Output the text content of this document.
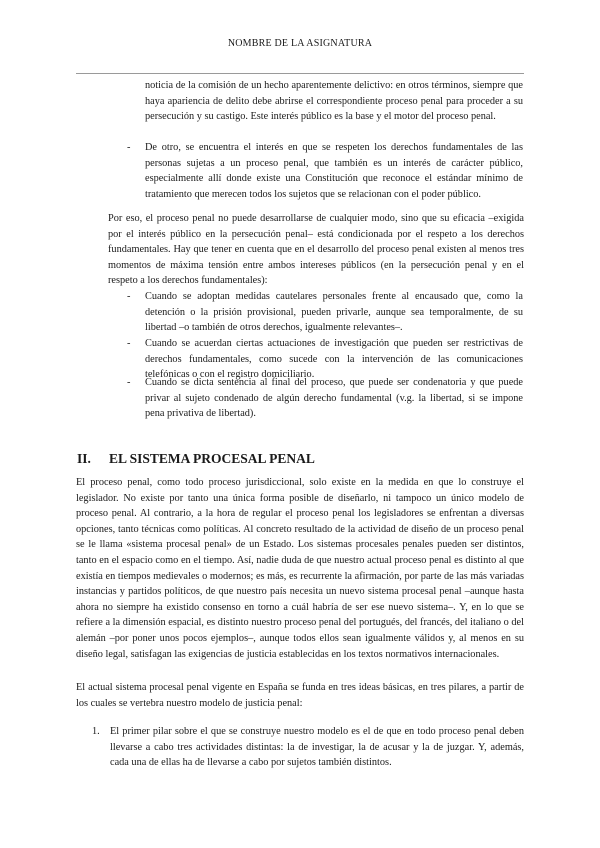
NOMBRE DE LA ASIGNATURA

noticia de la comisión de un hecho aparentemente delictivo: en otros términos, siempre que haya apariencia de delito debe abrirse el correspondiente proceso penal para proceder a su persecución y su castigo. Este interés público es la base y el motor del proceso penal.

-	De otro, se encuentra el interés en que se respeten los derechos fundamentales de las personas sujetas a un proceso penal, que también es un interés de carácter público, especialmente allí donde existe una Constitución que reconoce el estándar mínimo de tratamiento que merecen todos los sujetos que se relacionan con el poder público.

Por eso, el proceso penal no puede desarrollarse de cualquier modo, sino que su eficacia –exigida por el interés público en la persecución penal– está condicionada por el respeto a los derechos fundamentales. Hay que tener en cuenta que en el desarrollo del proceso penal existen al menos tres momentos de máxima tensión entre ambos intereses públicos (en la persecución penal y en el respeto a los derechos fundamentales):

-	Cuando se adoptan medidas cautelares personales frente al encausado que, como la detención o la prisión provisional, pueden privarle, aunque sea temporalmente, de su libertad –o también de otros derechos, igualmente relevantes–.

-	Cuando se acuerdan ciertas actuaciones de investigación que pueden ser restrictivas de derechos fundamentales, como sucede con la intervención de las comunicaciones telefónicas o con el registro domiciliario.

-	Cuando se dicta sentencia al final del proceso, que puede ser condenatoria y que puede privar al sujeto condenado de algún derecho fundamental (v.g. la libertad, si se impone pena privativa de libertad).

II. EL SISTEMA PROCESAL PENAL

El proceso penal, como todo proceso jurisdiccional, solo existe en la medida en que lo construye el legislador. No existe por tanto una única forma posible de diseñarlo, ni tampoco un único modelo de proceso penal. Al contrario, a la hora de regular el proceso penal los legisladores se enfrentan a diversas opciones, tanto técnicas como políticas. Al concreto resultado de la actividad de diseño de un proceso penal se le llama «sistema procesal penal» de un Estado. Los sistemas procesales penales pueden ser distintos, tanto en el espacio como en el tiempo. Así, nadie duda de que nuestro actual proceso penal es distinto al que existía en tiempos medievales o modernos; es más, es recurrente la afirmación, por parte de las más variadas instancias y partidos políticos, de que nuestro país necesita un nuevo sistema procesal penal –aunque hasta ahora no siempre ha existido consenso en torno a cuál habría de ser ese nuevo sistema–. Y, en lo que se refiere a la dimensión espacial, es distinto nuestro proceso penal del portugués, del francés, del italiano o del alemán –por poner unos pocos ejemplos–, aunque todos ellos sean igualmente válidos y, al menos en su diseño legal, satisfagan las exigencias de justicia establecidas en los textos normativos internacionales.

El actual sistema procesal penal vigente en España se funda en tres ideas básicas, en tres pilares, a partir de los cuales se vertebra nuestro modelo de justicia penal:

1. El primer pilar sobre el que se construye nuestro modelo es el de que en todo proceso penal deben llevarse a cabo tres actividades distintas: la de investigar, la de acusar y la de juzgar. Y, además, cada una de ellas ha de llevarse a cabo por sujetos también distintos.
